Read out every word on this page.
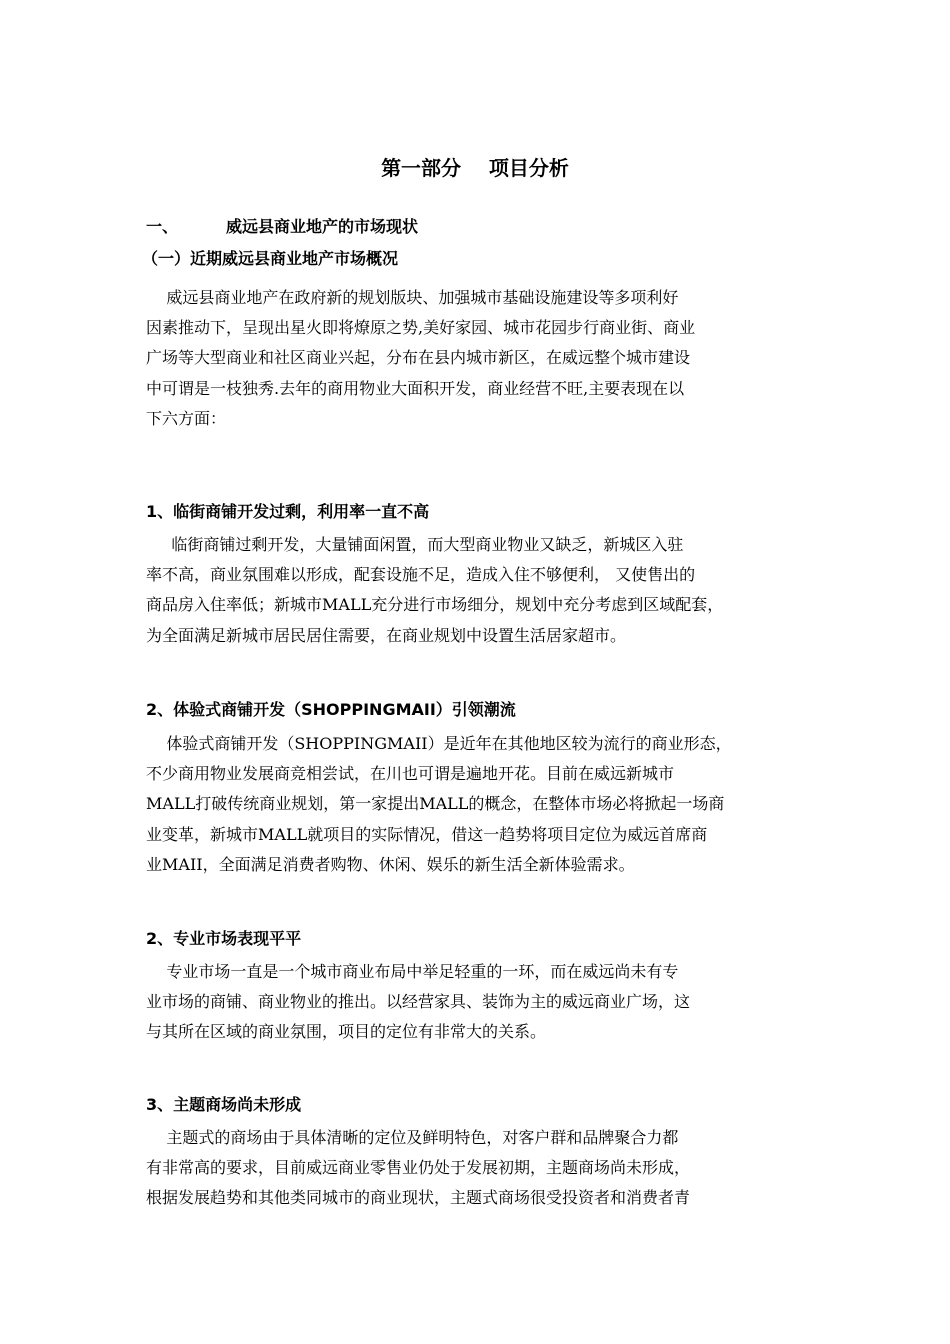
第一部分    项目分析
一、	威远县商业地产的市场现状
（一）近期威远县商业地产市场概况
威远县商业地产在政府新的规划版块、加强城市基础设施建设等多项利好
因素推动下，呈现出星火即将燎原之势,美好家园、城市花园步行商业街、商业
广场等大型商业和社区商业兴起，分布在县内城市新区，在威远整个城市建设
中可谓是一枝独秀.去年的商用物业大面积开发，商业经营不旺,主要表现在以
下六方面：
1、临街商铺开发过剩，利用率一直不高
临街商铺过剩开发，大量铺面闲置，而大型商业物业又缺乏，新城区入驻
率不高，商业氛围难以形成，配套设施不足，造成入住不够便利， 又使售出的
商品房入住率低；新城市MALL充分进行市场细分，规划中充分考虑到区域配套，
为全面满足新城市居民居住需要，在商业规划中设置生活居家超市。
2、体验式商铺开发（SHOPPINGMAII）引领潮流
体验式商铺开发（SHOPPINGMAII）是近年在其他地区较为流行的商业形态，
不少商用物业发展商竞相尝试，在川也可谓是遍地开花。目前在威远新城市
MALL打破传统商业规划，第一家提出MALL的概念，在整体市场必将掀起一场商
业变革，新城市MALL就项目的实际情况，借这一趋势将项目定位为威远首席商
业MAII，全面满足消费者购物、休闲、娱乐的新生活全新体验需求。
2、专业市场表现平平
专业市场一直是一个城市商业布局中举足轻重的一环，而在威远尚未有专
业市场的商铺、商业物业的推出。以经营家具、装饰为主的威远商业广场，这
与其所在区域的商业氛围，项目的定位有非常大的关系。
3、主题商场尚未形成
主题式的商场由于具体清晰的定位及鲜明特色，对客户群和品牌聚合力都
有非常高的要求，目前威远商业零售业仍处于发展初期，主题商场尚未形成，
根据发展趋势和其他类同城市的商业现状，主题式商场很受投资者和消费者青
